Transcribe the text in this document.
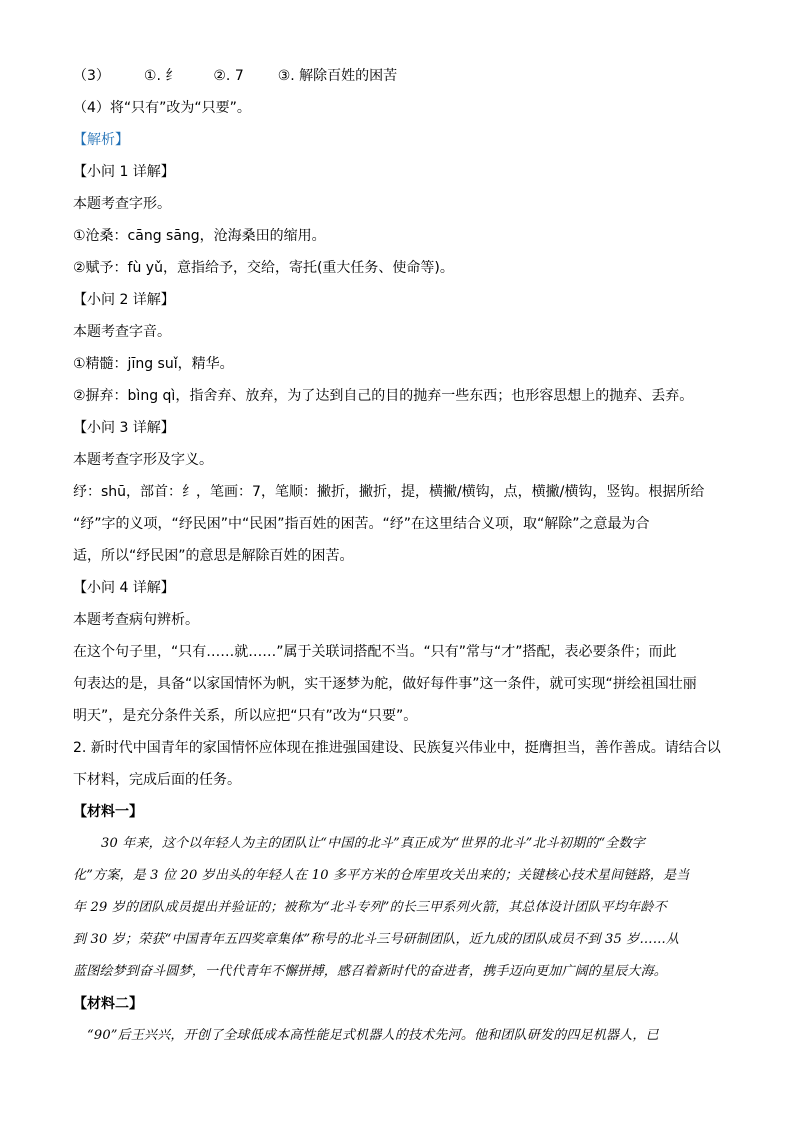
（3） ①. 纟 ②. 7 ③. 解除百姓的困苦
（4）将“只有”改为“只要”。
【解析】
【小问 1 详解】
本题考查字形。
①沧桑：cāng sāng，沧海桑田的缩用。
②赋予：fù yǔ，意指给予，交给，寄托(重大任务、使命等)。
【小问 2 详解】
本题考查字音。
①精髓：jīng suǐ，精华。
②摒弃：bìng qì，指舍弃、放弃，为了达到自己的目的抛弃一些东西；也形容思想上的抛弃、丢弃。
【小问 3 详解】
本题考查字形及字义。
纾：shū，部首：纟，笔画：7，笔顺：撇折，撇折，提，横撇/横钩，点，横撇/横钩，竖钩。根据所给
“纾”字的义项，“纾民困”中“民困”指百姓的困苦。“纾”在这里结合义项，取“解除”之意最为合
适，所以“纾民困”的意思是解除百姓的困苦。
【小问 4 详解】
本题考查病句辨析。
在这个句子里，“只有……就……”属于关联词搭配不当。“只有”常与“才”搭配，表必要条件；而此
句表达的是，具备“以家国情怀为帆，实干逐梦为舵，做好每件事”这一条件，就可实现“拼绘祖国壮丽
明天”，是充分条件关系，所以应把“只有”改为“只要”。
2. 新时代中国青年的家国情怀应体现在推进强国建设、民族复兴伟业中，挺膺担当，善作善成。请结合以
下材料，完成后面的任务。
【材料一】
30 年来，这个以年轻人为主的团队让“中国的北斗”真正成为“世界的北斗”北斗初期的“全数字
化”方案，是 3 位 20 岁出头的年轻人在 10 多平方米的仓库里攻关出来的；关键核心技术星间链路，是当
年 29 岁的团队成员提出并验证的；被称为“北斗专列”的长三甲系列火箭，其总体设计团队平均年龄不
到 30 岁；荣获“中国青年五四奖章集体”称号的北斗三号研制团队，近九成的团队成员不到 35 岁……从
蓝图绘梦到奋斗圆梦，一代代青年不懈拼搏，感召着新时代的奋进者，携手迈向更加广阔的星辰大海。
【材料二】
“90”后王兴兴，开创了全球低成本高性能足式机器人的技术先河。他和团队研发的四足机器人，已
